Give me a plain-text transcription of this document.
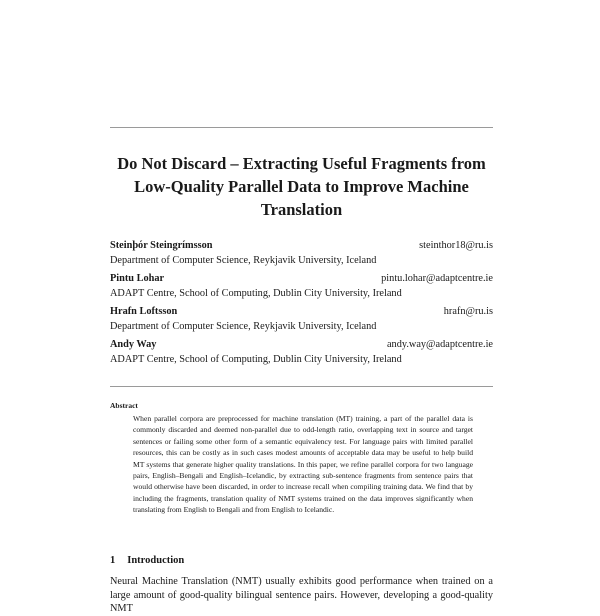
Do Not Discard – Extracting Useful Fragments from Low-Quality Parallel Data to Improve Machine Translation
Steinþór Steingrímsson	steinthor18@ru.is
Department of Computer Science, Reykjavik University, Iceland
Pintu Lohar	pintu.lohar@adaptcentre.ie
ADAPT Centre, School of Computing, Dublin City University, Ireland
Hrafn Loftsson	hrafn@ru.is
Department of Computer Science, Reykjavik University, Iceland
Andy Way	andy.way@adaptcentre.ie
ADAPT Centre, School of Computing, Dublin City University, Ireland
Abstract
When parallel corpora are preprocessed for machine translation (MT) training, a part of the parallel data is commonly discarded and deemed non-parallel due to odd-length ratio, overlapping text in source and target sentences or failing some other form of a semantic equivalency test. For language pairs with limited parallel resources, this can be costly as in such cases modest amounts of acceptable data may be useful to help build MT systems that generate higher quality translations. In this paper, we refine parallel corpora for two language pairs, English–Bengali and English–Icelandic, by extracting sub-sentence fragments from sentence pairs that would otherwise have been discarded, in order to increase recall when compiling training data. We find that by including the fragments, translation quality of NMT systems trained on the data improves significantly when translating from English to Bengali and from English to Icelandic.
1 Introduction
Neural Machine Translation (NMT) usually exhibits good performance when trained on a large amount of good-quality bilingual sentence pairs. However, developing a good-quality NMT
